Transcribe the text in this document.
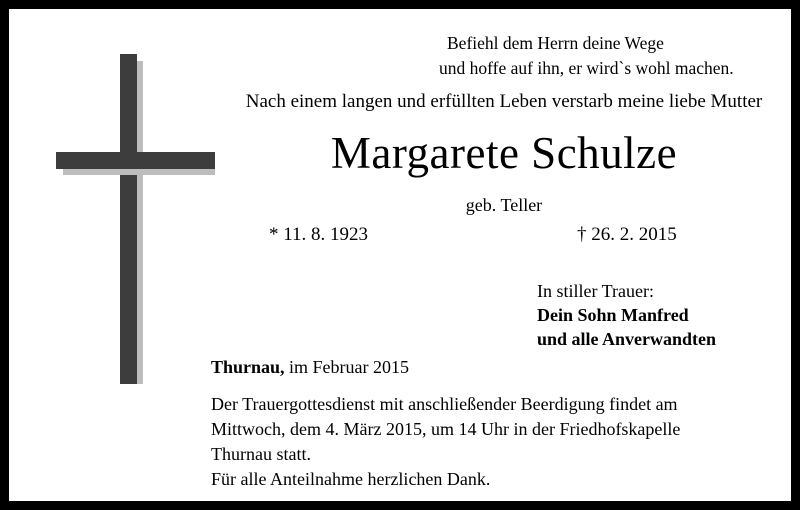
Befiehl dem Herrn deine Wege
und hoffe auf ihn, er wird`s wohl machen.
Nach einem langen und erfüllten Leben verstarb meine liebe Mutter
Margarete Schulze
geb. Teller
* 11. 8. 1923	† 26. 2. 2015
In stiller Trauer:
Dein Sohn Manfred
und alle Anverwandten
Thurnau, im Februar 2015
Der Trauergottesdienst mit anschließender Beerdigung findet am
Mittwoch, dem 4. März 2015, um 14 Uhr in der Friedhofskapelle
Thurnau statt.
Für alle Anteilnahme herzlichen Dank.
